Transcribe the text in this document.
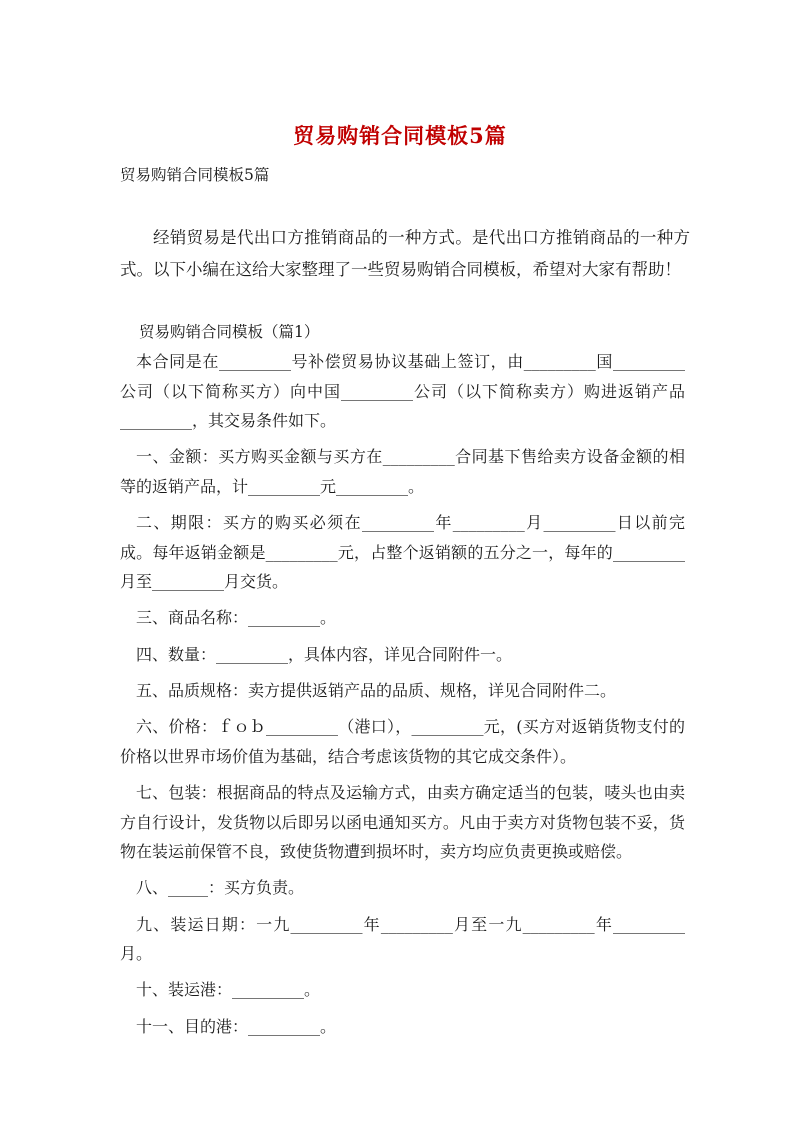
贸易购销合同模板5篇
贸易购销合同模板5篇

经销贸易是代出口方推销商品的一种方式。是代出口方推销商品的一种方式。以下小编在这给大家整理了一些贸易购销合同模板，希望对大家有帮助！

贸易购销合同模板（篇1）

本合同是在_________号补偿贸易协议基础上签订，由_________国_________公司（以下简称买方）向中国_________公司（以下简称卖方）购进返销产品_________，其交易条件如下。

一、金额：买方购买金额与买方在_________合同基下售给卖方设备金额的相等的返销产品，计_________元_________。

二、期限：买方的购买必须在_________年_________月_________日以前完成。每年返销金额是_________元，占整个返销额的五分之一，每年的_________月至_________月交货。

三、商品名称：_________。

四、数量：_________，具体内容，详见合同附件一。

五、品质规格：卖方提供返销产品的品质、规格，详见合同附件二。

六、价格：ｆｏｂ_________（港口），_________元，(买方对返销货物支付的价格以世界市场价值为基础，结合考虑该货物的其它成交条件）。

七、包装：根据商品的特点及运输方式，由卖方确定适当的包装，唛头也由卖方自行设计，发货物以后即另以函电通知买方。凡由于卖方对货物包装不妥，货物在装运前保管不良，致使货物遭到损坏时，卖方均应负责更换或赔偿。

八、_____：买方负责。

九、装运日期：一九_________年_________月至一九_________年_________月。

十、装运港：_________。

十一、目的港：_________。
